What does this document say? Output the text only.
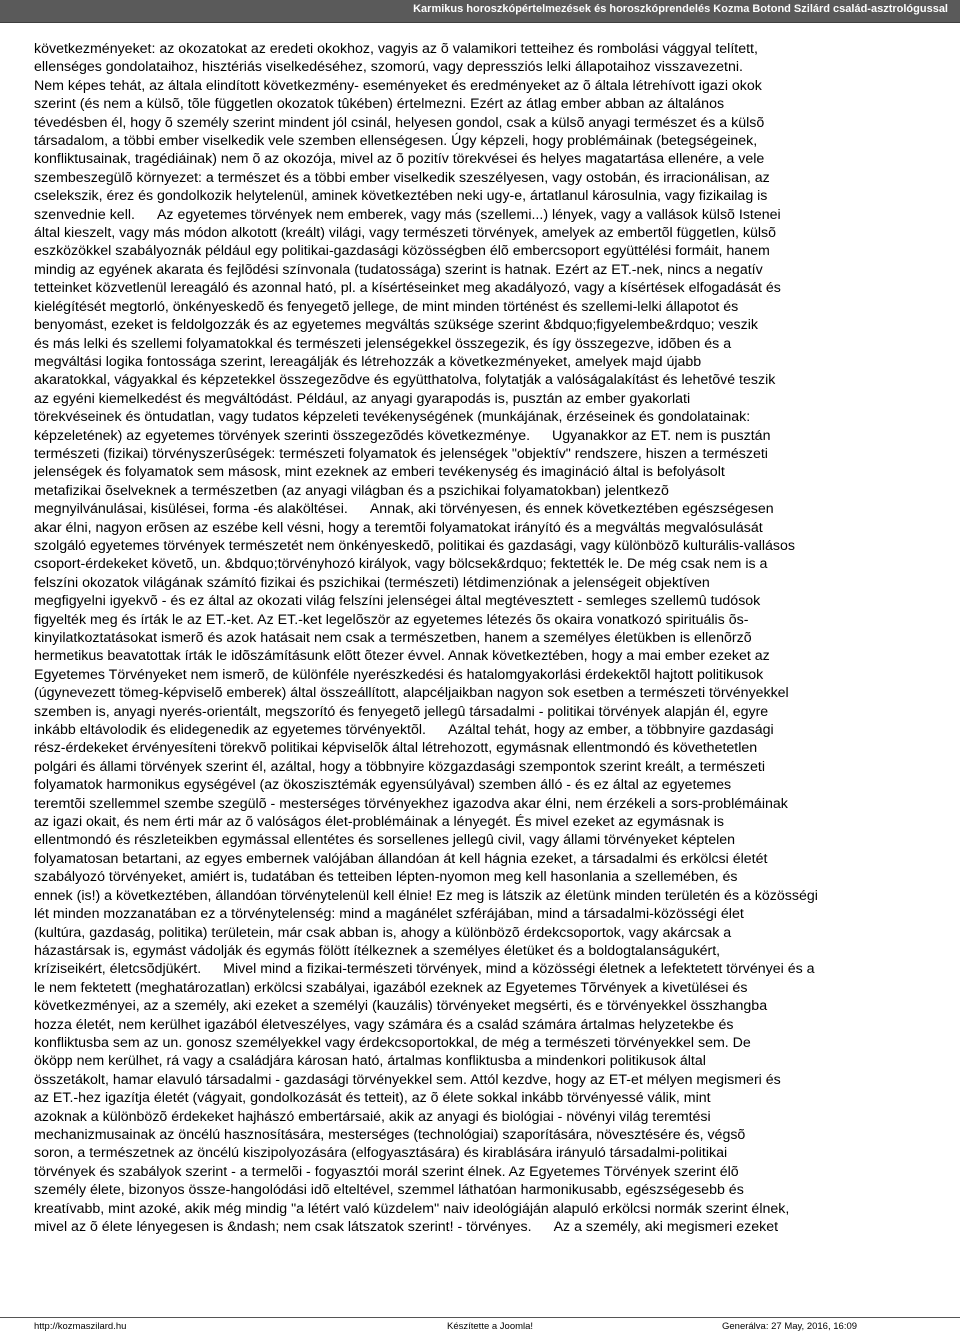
Karmikus horoszkópértelmezések és horoszkóprendelés Kozma Botond Szilárd család-asztrológussal
következményeket: az okozatokat az eredeti okokhoz, vagyis az õ valamikori tetteihez és rombolási vággyal telített,
ellenséges gondolataihoz, hisztériás viselkedéséhez, szomorú, vagy depressziós lelki állapotaihoz visszavezetni.
Nem képes tehát, az általa elindított következmény- eseményeket és eredményeket az õ általa létrehívott igazi okok
szerint (és nem a külsõ, tõle független okozatok tûkében) értelmezni. Ezért az átlag ember abban az általános
tévedésben él, hogy õ személy szerint mindent jól csinál, helyesen gondol, csak a külsõ anyagi természet és a külsõ
társadalom, a többi ember viselkedik vele szemben ellenségesen. Úgy képzeli, hogy problémáinak (betegségeinek,
konfliktusainak, tragédiáinak) nem õ az okozója, mivel az õ pozitív törekvései és helyes magatartása ellenére, a vele
szembeszegülõ környezet: a természet és a többi ember viselkedik szeszélyesen, vagy ostobán, és irracionálisan, az
cselekszik, érez és gondolkozik helytelenül, aminek következtében neki ugy-e, ártatlanul károsulnia, vagy fizikailag is
szenvednie kell. Az egyetemes törvények nem emberek, vagy más (szellemi...) lények, vagy a vallások külsõ Istenei
által kieszelt, vagy más módon alkotott (kreált) világi, vagy természeti törvények, amelyek az embertõl független, külsõ
eszközökkel szabályoznák például egy politikai-gazdasági közösségben élõ embercsoport együttélési formáit, hanem
mindig az egyének akarata és fejlõdési színvonala (tudatossága) szerint is hatnak. Ezért az ET.-nek, nincs a negatív
tetteinket közvetlenül lereagáló és azonnal ható, pl. a kísértéseinket meg akadályozó, vagy a kísértések elfogadását és
kielégítését megtorló, önkényeskedõ és fenyegetõ jellege, de mint minden történést és szellemi-lelki állapotot és
benyomást, ezeket is feldolgozzák és az egyetemes megváltás szüksége szerint &bdquo;figyelembe&rdquo; veszik
és más lelki és szellemi folyamatokkal és természeti jelenségekkel összegezik, és így összegezve, idõben és a
megváltási logika fontossága szerint, lereagálják és létrehozzák a következményeket, amelyek majd újabb
akaratokkal, vágyakkal és képzetekkel összegezõdve és együtthatolva, folytatják a valóságalakítást és lehetõvé teszik
az egyéni kiemelkedést és megváltódást. Például, az anyagi gyarapodás is, pusztán az ember gyakorlati
törekvéseinek és öntudatlan, vagy tudatos képzeleti tevékenységének (munkájának, érzéseinek és gondolatainak:
képzeletének) az egyetemes törvények szerinti összegezõdés következménye. Ugyanakkor az ET. nem is pusztán
természeti (fizikai) törvényszerûségek: természeti folyamatok és jelenségek "objektív" rendszere, hiszen a természeti
jelenségek és folyamatok sem másosk, mint ezeknek az emberi tevékenység és imagináció által is befolyásolt
metafizikai õselveknek a természetben (az anyagi világban és a pszichikai folyamatokban) jelentkezõ
megnyilvánulásai, kisülései, forma -és alaköltései. Annak, aki törvényesen, és ennek következtében egészségesen
akar élni, nagyon erõsen az eszébe kell vésni, hogy a teremtõi folyamatokat irányító és a megváltás megvalósulását
szolgáló egyetemes törvények természetét nem önkényeskedõ, politikai és gazdasági, vagy különbözõ kulturális-vallásos
csoport-érdekeket követõ, un. &bdquo;törvényhozó királyok, vagy bölcsek&rdquo; fektették le. De még csak nem is a
felszíni okozatok világának számító fizikai és pszichikai (természeti) létdimenziónak a jelenségeit objektíven
megfigyelni igyekvõ - és ez által az okozati világ felszíni jelenségei által megtévesztett - semleges szellemû tudósok
figyelték meg és írták le az ET.-ket. Az ET.-ket legelõször az egyetemes létezés õs okaira vonatkozó spirituális õs-
kinyilatkoztatásokat ismerõ és azok hatásait nem csak a természetben, hanem a személyes életükben is ellenõrzõ
hermetikus beavatottak írták le idõszámításunk elõtt õtezer évvel. Annak következtében, hogy a mai ember ezeket az
Egyetemes Törvényeket nem ismerõ, de különféle nyerészkedési és hatalomgyakorlási érdekektõl hajtott politikusok
(úgynevezett tömeg-képviselõ emberek) által összeállított, alapcéljaikban nagyon sok esetben a természeti törvényekkel
szemben is, anyagi nyerés-orientált, megszorító és fenyegetõ jellegû társadalmi - politikai törvények alapján él, egyre
inkább eltávolodik és elidegenedik az egyetemes törvényektõl. Azáltal tehát, hogy az ember, a többnyire gazdasági
rész-érdekeket érvényesíteni törekvõ politikai képviselõk által létrehozott, egymásnak ellentmondó és követhetetlen
polgári és állami törvények szerint él, azáltal, hogy a többnyire közgazdasági szempontok szerint kreált, a természeti
folyamatok harmonikus egységével (az ökoszisztémák egyensúlyával) szemben álló - és ez által az egyetemes
teremtõi szellemmel szembe szegülõ - mesterséges törvényekhez igazodva akar élni, nem érzékeli a sors-problémáinak
az igazi okait, és nem érti már az õ valóságos élet-problémáinak a lényegét. És mivel ezeket az egymásnak is
ellentmondó és részleteikben egymással ellentétes és sorsellenes jellegû civil, vagy állami törvényeket képtelen
folyamatosan betartani, az egyes embernek valójában állandóan át kell hágnia ezeket, a társadalmi és erkölcsi életét
szabályozó törvényeket, amiért is, tudatában és tetteiben lépten-nyomon meg kell hasonlania a szellemében, és
ennek (is!) a következtében, állandóan törvénytelenül kell élnie! Ez meg is látszik az életünk minden területén és a közösségi
lét minden mozzanatában ez a törvénytelenség: mind a magánélet szférájában, mind a társadalmi-közösségi élet
(kultúra, gazdaság, politika) területein, már csak abban is, ahogy a különbözõ érdekcsoportok, vagy akárcsak a
házastársak is, egymást vádolják és egymás fölött ítélkeznek a személyes életüket és a boldogtalanságukért,
kríziseikért, életcsõdjükért. Mivel mind a fizikai-természeti törvények, mind a közösségi életnek a lefektetett törvényei és a
le nem fektetett (meghatározatlan) erkölcsi szabályai, igazából ezeknek az Egyetemes Tõrvények a kivetülései és
következményei, az a személy, aki ezeket a személyi (kauzális) törvényeket megsérti, és e törvényekkel összhangba
hozza életét, nem kerülhet igazából életveszélyes, vagy számára és a család számára ártalmas helyzetekbe és
konfliktusba sem az un. gonosz személyekkel vagy érdekcsoportokkal, de még a természeti törvényekkel sem. De
ököpp nem kerülhet, rá vagy a családjára károsan ható, ártalmas konfliktusba a mindenkori politikusok által
összetákolt, hamar elavuló társadalmi - gazdasági törvényekkel sem. Attól kezdve, hogy az ET-et mélyen megismeri és
az ET.-hez igazítja életét (vágyait, gondolkozását és tetteit), az õ élete sokkal inkább törvényessé válik, mint
azoknak a különbözõ érdekeket hajhászó embertársaié, akik az anyagi és biológiai - növényi világ teremtési
mechanizmusainak az öncélú hasznosítására, mesterséges (technológiai) szaporítására, növesztésére és, végsõ
soron, a természetnek az öncélú kiszipolyozására (elfogyasztására) és kirablására irányuló társadalmi-politikai
törvények és szabályok szerint - a termelõi - fogyasztói morál szerint élnek. Az Egyetemes Törvények szerint élõ
személy élete, bizonyos össze-hangolódási idõ elteltével, szemmel láthatóan harmonikusabb, egészségesebb és
kreatívabb, mint azoké, akik még mindig "a létért való küzdelem" naiv ideológiáján alapuló erkölcsi normák szerint élnek,
mivel az õ élete lényegesen is &ndash; nem csak látszatok szerint! - törvényes. Az a személy, aki megismeri ezeket
http://kozmaszilard.hu	Készítette a Joomla!	Generálva: 27 May, 2016, 16:09
